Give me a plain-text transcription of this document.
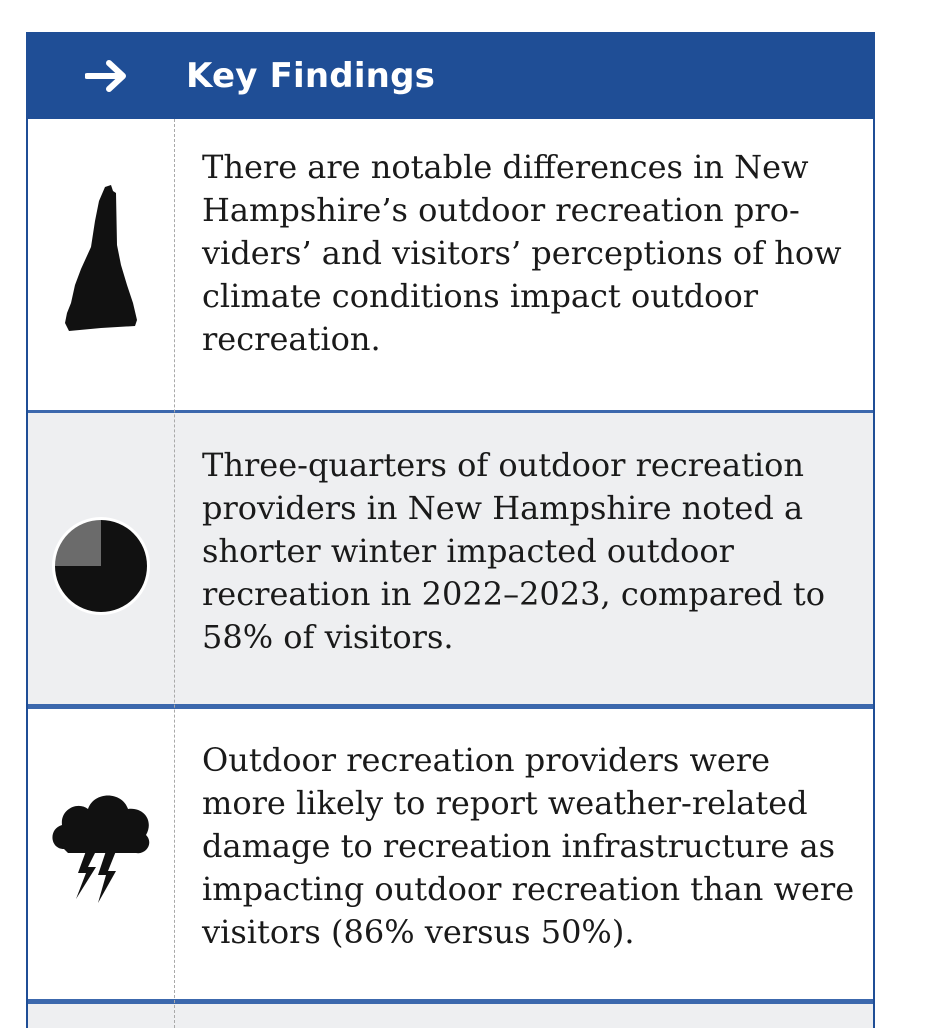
Key Findings
There are notable differences in New Hampshire’s outdoor recreation pro-viders’ and visitors’ perceptions of how climate conditions impact outdoor recreation.
Three-quarters of outdoor recreation providers in New Hampshire noted a shorter winter impacted outdoor recreation in 2022–2023, compared to 58% of visitors.
Outdoor recreation providers were more likely to report weather-related damage to recreation infrastructure as impacting outdoor recreation than were visitors (86% versus 50%).
